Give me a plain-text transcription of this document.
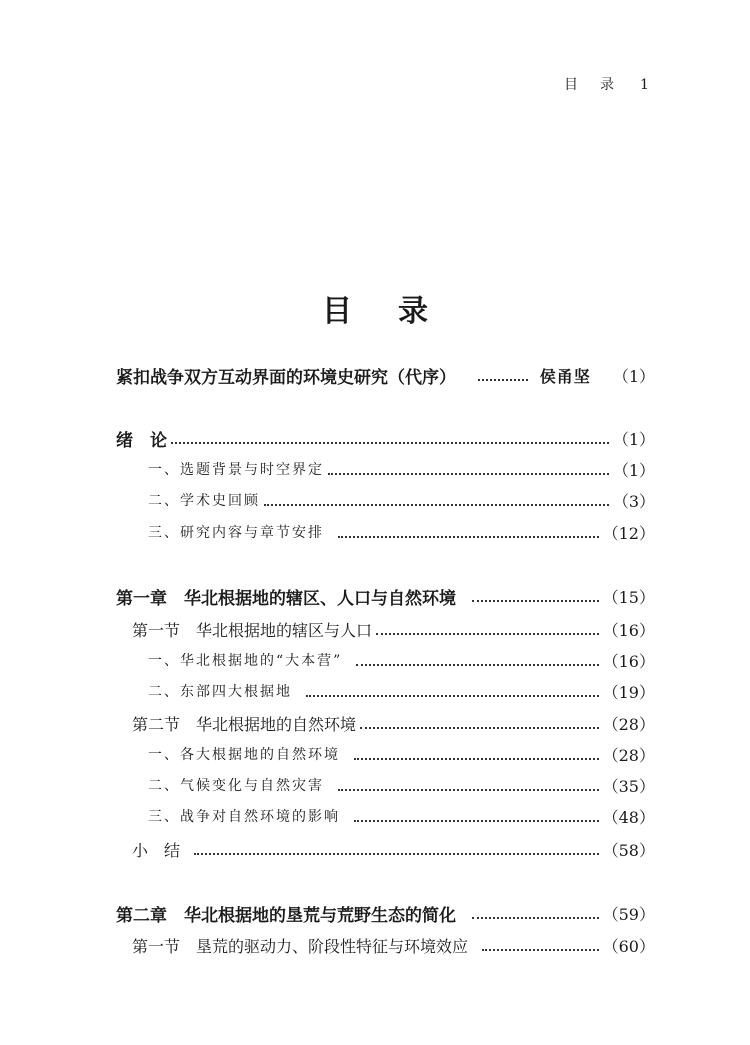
目　录 1
目 录
紧扣战争双方互动界面的环境史研究（代序）	侯甬坚 （1）
绪　论	（1）
一、选题背景与时空界定	（1）
二、学术史回顾	（3）
三、研究内容与章节安排	（12）
第一章　华北根据地的辖区、人口与自然环境	（15）
第一节　华北根据地的辖区与人口	（16）
一、华北根据地的“大本营”	（16）
二、东部四大根据地	（19）
第二节　华北根据地的自然环境	（28）
一、各大根据地的自然环境	（28）
二、气候变化与自然灾害	（35）
三、战争对自然环境的影响	（48）
小　结	（58）
第二章　华北根据地的垦荒与荒野生态的简化	（59）
第一节　垦荒的驱动力、阶段性特征与环境效应	（60）
